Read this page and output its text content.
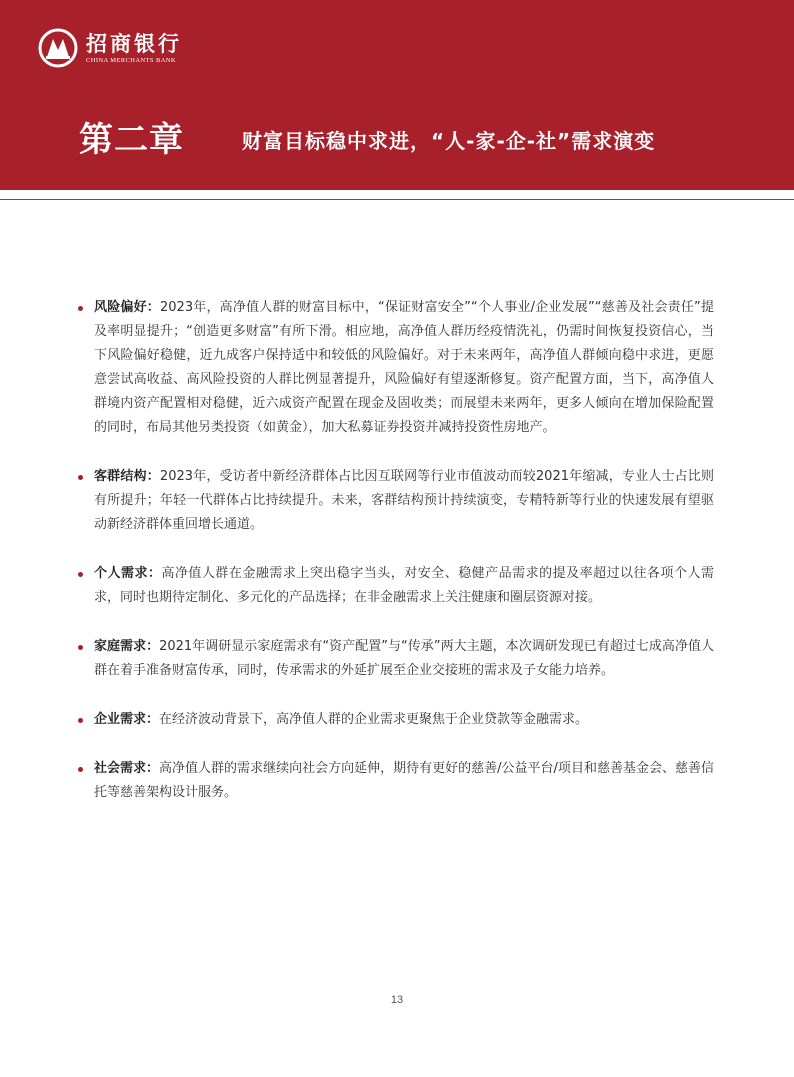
招商银行
CHINA MERCHANTS BANK
第二章	财富目标稳中求进，“人-家-企-社”需求演变
风险偏好：2023年，高净值人群的财富目标中，“保证财富安全”“个人事业/企业发展”“慈善及社会责任”提及率明显提升；“创造更多财富”有所下滑。相应地，高净值人群历经疫情洗礼，仍需时间恢复投资信心，当下风险偏好稳健，近九成客户保持适中和较低的风险偏好。对于未来两年，高净值人群倾向稳中求进，更愿意尝试高收益、高风险投资的人群比例显著提升，风险偏好有望逐渐修复。资产配置方面，当下，高净值人群境内资产配置相对稳健，近六成资产配置在现金及固收类；而展望未来两年，更多人倾向在增加保险配置的同时，布局其他另类投资（如黄金），加大私募证券投资并减持投资性房地产。
客群结构：2023年，受访者中新经济群体占比因互联网等行业市值波动而较2021年缩减，专业人士占比则有所提升；年轻一代群体占比持续提升。未来，客群结构预计持续演变，专精特新等行业的快速发展有望驱动新经济群体重回增长通道。
个人需求：高净值人群在金融需求上突出稳字当头，对安全、稳健产品需求的提及率超过以往各项个人需求，同时也期待定制化、多元化的产品选择；在非金融需求上关注健康和圈层资源对接。
家庭需求：2021年调研显示家庭需求有“资产配置”与“传承”两大主题，本次调研发现已有超过七成高净值人群在着手准备财富传承，同时，传承需求的外延扩展至企业交接班的需求及子女能力培养。
企业需求：在经济波动背景下，高净值人群的企业需求更聚焦于企业贷款等金融需求。
社会需求：高净值人群的需求继续向社会方向延伸，期待有更好的慈善/公益平台/项目和慈善基金会、慈善信托等慈善架构设计服务。
13
